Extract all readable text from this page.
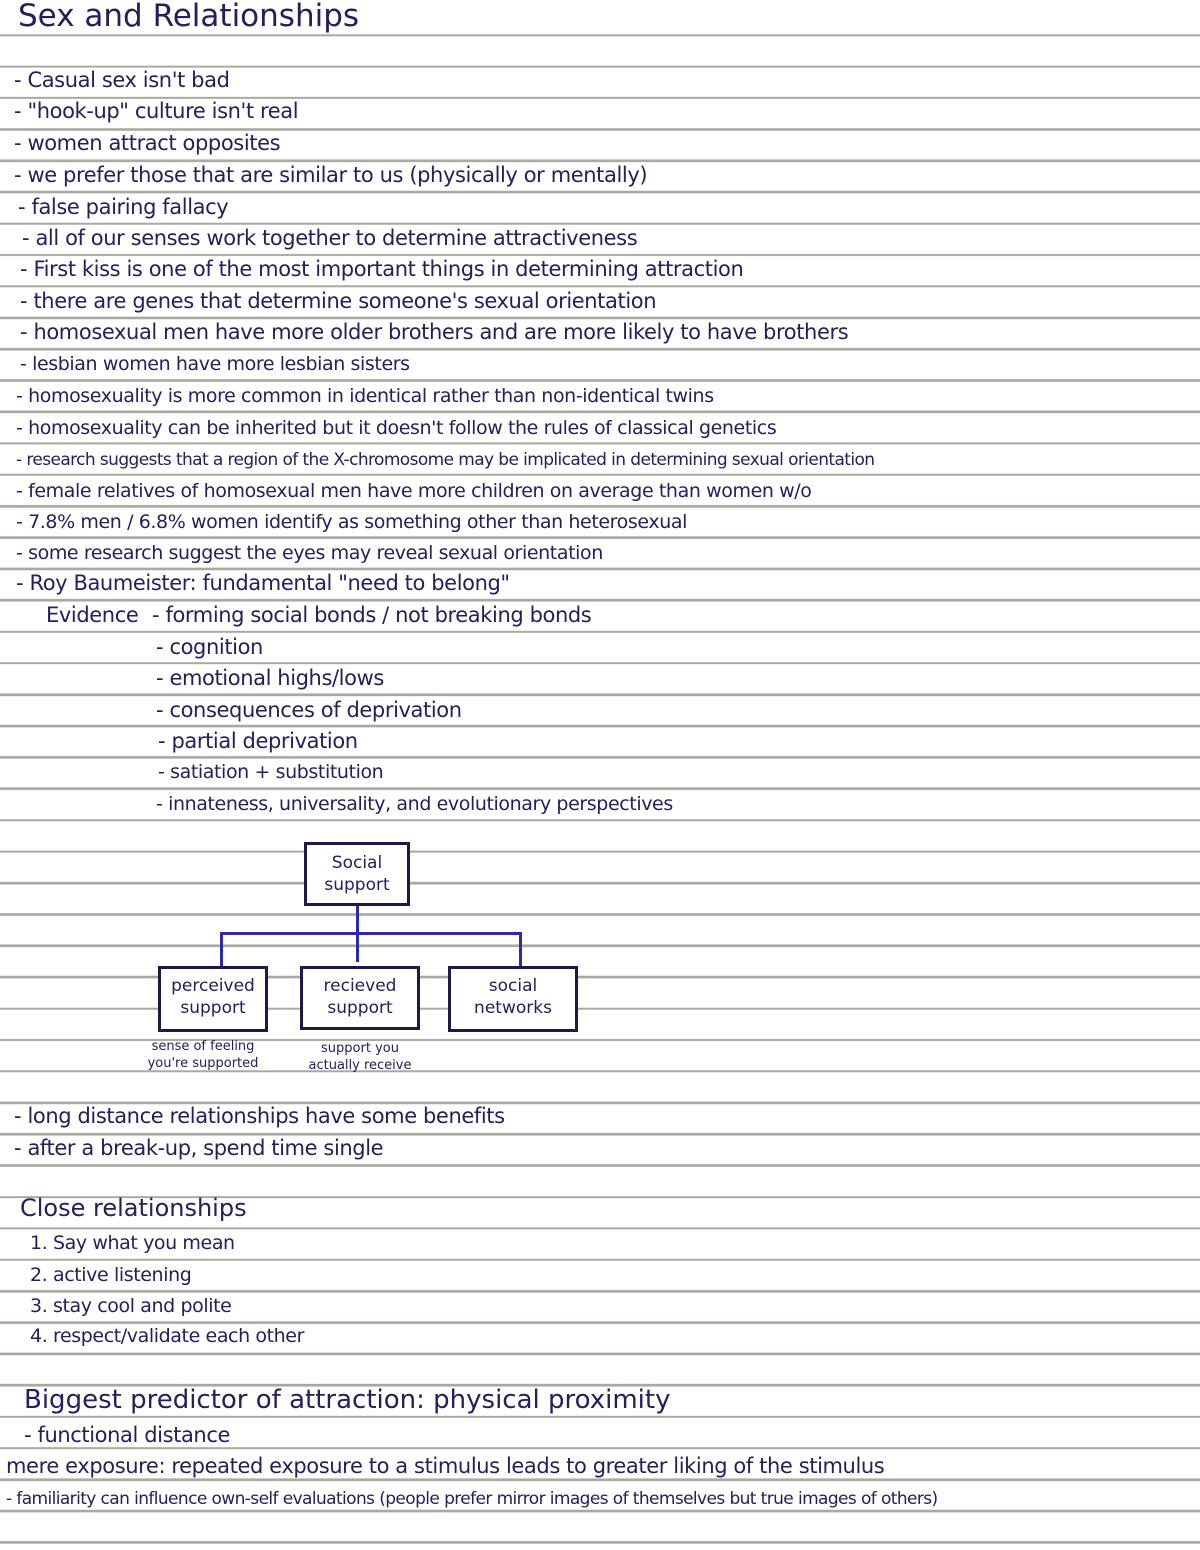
Sex and Relationships
- Casual sex isn't bad
- "hook-up" culture isn't real
- women attract opposites
- we prefer those that are similar to us (physically or mentally)
- false pairing fallacy
- all of our senses work together to determine attractiveness
- First kiss is one of the most important things in determining attraction
- there are genes that determine someone's sexual orientation
- homosexual men have more older brothers and are more likely to have brothers
- lesbian women have more lesbian sisters
- homosexuality is more common in identical rather than non-identical twins
- homosexuality can be inherited but it doesn't follow the rules of classical genetics
- research suggests that a region of the X-chromosome may be implicated in determining sexual orientation
- female relatives of homosexual men have more children on average than women w/o
- 7.8% men / 6.8% women identify as something other than heterosexual
- some research suggest the eyes may reveal sexual orientation
- Roy Baumeister: fundamental "need to belong"
Evidence - forming social bonds / not breaking bonds
- cognition
- emotional highs/lows
- consequences of deprivation
- partial deprivation
- satiation + substitution
- innateness, universality, and evolutionary perspectives
Social
support
perceived
support
recieved
support
social
networks
sense of feeling
you're supported
support you
actually receive
- long distance relationships have some benefits
- after a break-up, spend time single
Close relationships
1. Say what you mean
2. active listening
3. stay cool and polite
4. respect/validate each other
Biggest predictor of attraction: physical proximity
- functional distance
mere exposure: repeated exposure to a stimulus leads to greater liking of the stimulus
- familiarity can influence own-self evaluations (people prefer mirror images of themselves but true images of others)
